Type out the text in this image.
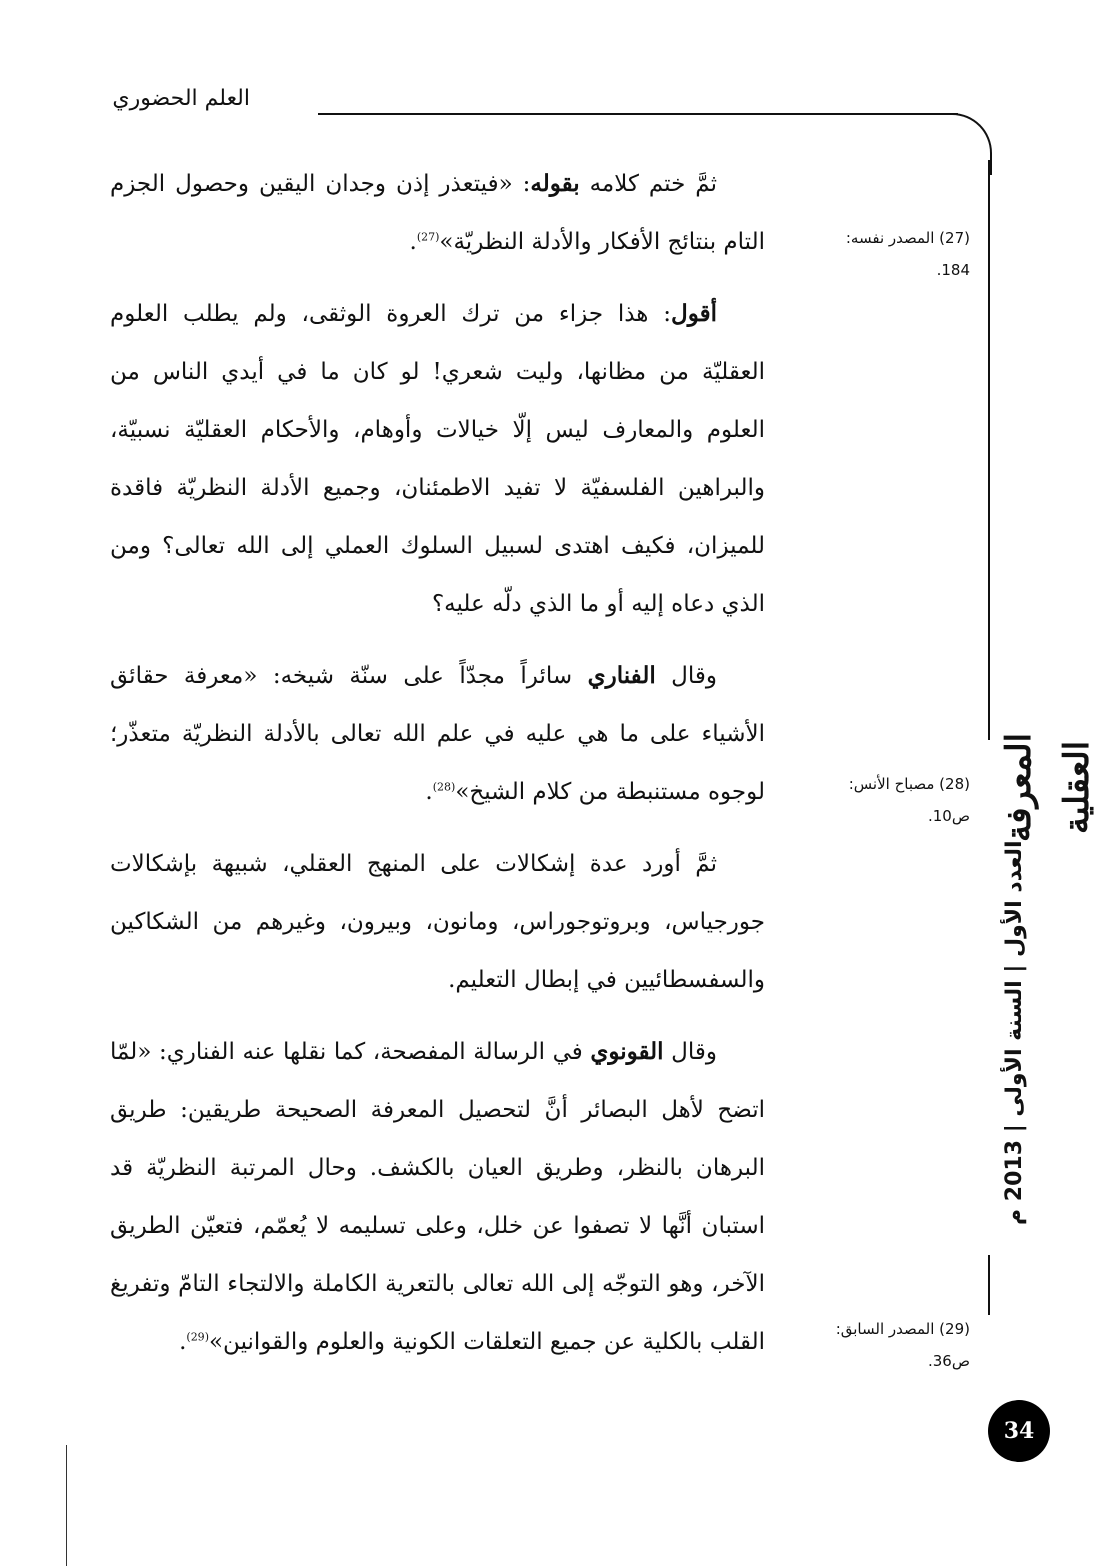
العلم الحضوري

ثمَّ ختم كلامه بقوله: «فيتعذر إذن وجدان اليقين وحصول الجزم التام بنتائج الأفكار والأدلة النظريّة»$^{(27)}$.

أقول: هذا جزاء من ترك العروة الوثقى، ولم يطلب العلوم العقليّة من مظانها، وليت شعري! لو كان ما في أيدي الناس من العلوم والمعارف ليس إلّا خيالات وأوهام، والأحكام العقليّة نسبيّة، والبراهين الفلسفيّة لا تفيد الاطمئنان، وجميع الأدلة النظريّة فاقدة للميزان، فكيف اهتدى لسبيل السلوك العملي إلى الله تعالى؟ ومن الذي دعاه إليه أو ما الذي دلّه عليه؟

وقال الفناري سائراً مجدّاً على سنّة شيخه: «معرفة حقائق الأشياء على ما هي عليه في علم الله تعالى بالأدلة النظريّة متعذّر؛ لوجوه مستنبطة من كلام الشيخ»$^{(28)}$.

ثمَّ أورد عدة إشكالات على المنهج العقلي، شبيهة بإشكالات جورجياس، وبروتوجوراس، ومانون، وبيرون، وغيرهم من الشكاكين والسفسطائيين في إبطال التعليم.

وقال القونوي في الرسالة المفصحة، كما نقلها عنه الفناري: «لمّا اتضح لأهل البصائر أنَّ لتحصيل المعرفة الصحيحة طريقين: طريق البرهان بالنظر، وطريق العيان بالكشف. وحال المرتبة النظريّة قد استبان أنَّها لا تصفوا عن خلل، وعلى تسليمه لا يُعمّم، فتعيّن الطريق الآخر، وهو التوجّه إلى الله تعالى بالتعرية الكاملة والالتجاء التامّ وتفريغ القلب بالكلية عن جميع التعلقات الكونية والعلوم والقوانين»$^{(29)}$.

(27) المصدر نفسه:
184.
(28) مصباح الأنس:
ص10.
(29) المصدر السابق:
ص36.
المعرفة العقلية
العدد الأول | السنة الأولى | 2013 م
34
